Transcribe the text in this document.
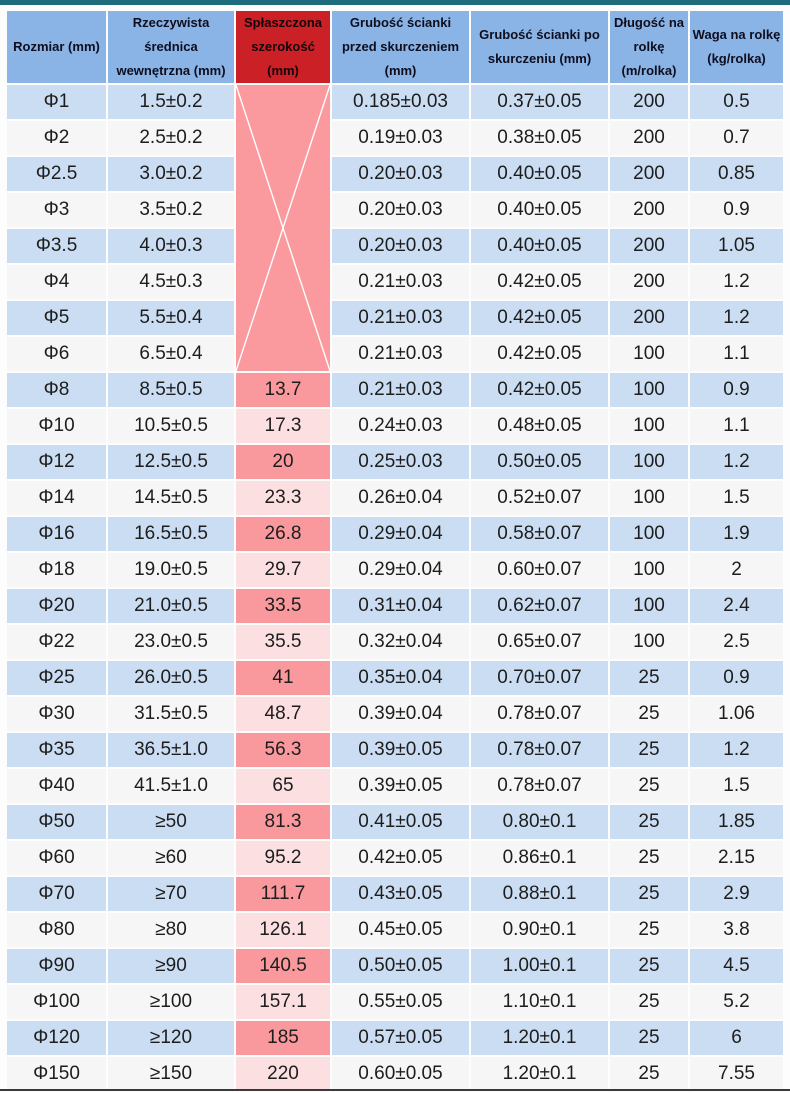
Rozmiar (mm)	Rzeczywista średnica wewnętrzna (mm)	Spłaszczona szerokość (mm)	Grubość ścianki przed skurczeniem (mm)	Grubość ścianki po skurczeniu (mm)	Długość na rolkę (m/rolka)	Waga na rolkę (kg/rolka)
Φ1	1.5±0.2		0.185±0.03	0.37±0.05	200	0.5
Φ2	2.5±0.2		0.19±0.03	0.38±0.05	200	0.7
Φ2.5	3.0±0.2		0.20±0.03	0.40±0.05	200	0.85
Φ3	3.5±0.2		0.20±0.03	0.40±0.05	200	0.9
Φ3.5	4.0±0.3		0.20±0.03	0.40±0.05	200	1.05
Φ4	4.5±0.3		0.21±0.03	0.42±0.05	200	1.2
Φ5	5.5±0.4		0.21±0.03	0.42±0.05	200	1.2
Φ6	6.5±0.4		0.21±0.03	0.42±0.05	100	1.1
Φ8	8.5±0.5	13.7	0.21±0.03	0.42±0.05	100	0.9
Φ10	10.5±0.5	17.3	0.24±0.03	0.48±0.05	100	1.1
Φ12	12.5±0.5	20	0.25±0.03	0.50±0.05	100	1.2
Φ14	14.5±0.5	23.3	0.26±0.04	0.52±0.07	100	1.5
Φ16	16.5±0.5	26.8	0.29±0.04	0.58±0.07	100	1.9
Φ18	19.0±0.5	29.7	0.29±0.04	0.60±0.07	100	2
Φ20	21.0±0.5	33.5	0.31±0.04	0.62±0.07	100	2.4
Φ22	23.0±0.5	35.5	0.32±0.04	0.65±0.07	100	2.5
Φ25	26.0±0.5	41	0.35±0.04	0.70±0.07	25	0.9
Φ30	31.5±0.5	48.7	0.39±0.04	0.78±0.07	25	1.06
Φ35	36.5±1.0	56.3	0.39±0.05	0.78±0.07	25	1.2
Φ40	41.5±1.0	65	0.39±0.05	0.78±0.07	25	1.5
Φ50	≥50	81.3	0.41±0.05	0.80±0.1	25	1.85
Φ60	≥60	95.2	0.42±0.05	0.86±0.1	25	2.15
Φ70	≥70	111.7	0.43±0.05	0.88±0.1	25	2.9
Φ80	≥80	126.1	0.45±0.05	0.90±0.1	25	3.8
Φ90	≥90	140.5	0.50±0.05	1.00±0.1	25	4.5
Φ100	≥100	157.1	0.55±0.05	1.10±0.1	25	5.2
Φ120	≥120	185	0.57±0.05	1.20±0.1	25	6
Φ150	≥150	220	0.60±0.05	1.20±0.1	25	7.55
